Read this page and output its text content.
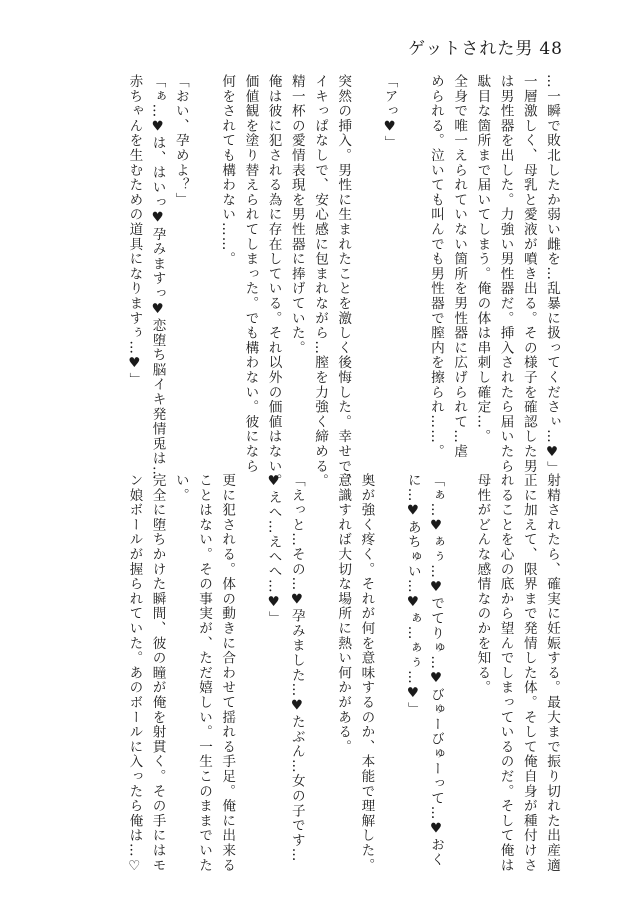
ゲットされた男 48
…一瞬で敗北したか弱い雌を…乱暴に扱ってくださぃ…♥」
一層激しく、母乳と愛液が噴き出る。その様子を確認した男
は男性器を出した。力強い男性器だ。挿入されたら届いたら
駄目な箇所まで届いてしまう。俺の体は串刺し確定…。
全身で唯一えられていない箇所を男性器に広げられて…虐
められる。泣いても叫んでも男性器で膣内を擦られ……。
「アっ♥」
突然の挿入。男性に生まれたことを激しく後悔した。幸せで、
イキっぱなしで、安心感に包まれながら…膣を力強く締める。
精一杯の愛情表現を男性器に捧げていた。
俺は彼に犯される為に存在している。それ以外の価値はない。
価値観を塗り替えられてしまった。でも構わない。彼になら
何をされても構わない……。
「おい、孕めよ？」
「ぁ…♥は、はいっ♥孕みますっ♥恋堕ち脳イキ発情兎は…
赤ちゃんを生むための道具になりますぅ…♥」
射精されたら、確実に妊娠する。最大まで振り切れた出産適
正に加えて、限界まで発情した体。そして俺自身が種付けさ
れることを心の底から望んでしまっているのだ。そして俺は
母性がどんな感情なのかを知る。
「ぁ…♥ぁぅ…♥でてりゅ…♥びゅーびゅーって…♥おく
に…♥あちゅい…♥ぁ…ぁぅ…♥」
奥が強く疼く。それが何を意味するのか、本能で理解した。
意識すれば大切な場所に熱い何かがある。
「えっと…その…♥孕みました…♥たぶん…女の子です…
♥えへ…えへへ…♥」
更に犯される。体の動きに合わせて揺れる手足。俺に出来る
ことはない。その事実が、ただ嬉しい。一生このままでいた
い。
完全に堕ちかけた瞬間、彼の瞳が俺を射貫く。その手にはモ
ン娘ボールが握られていた。あのボールに入ったら俺は…♡
